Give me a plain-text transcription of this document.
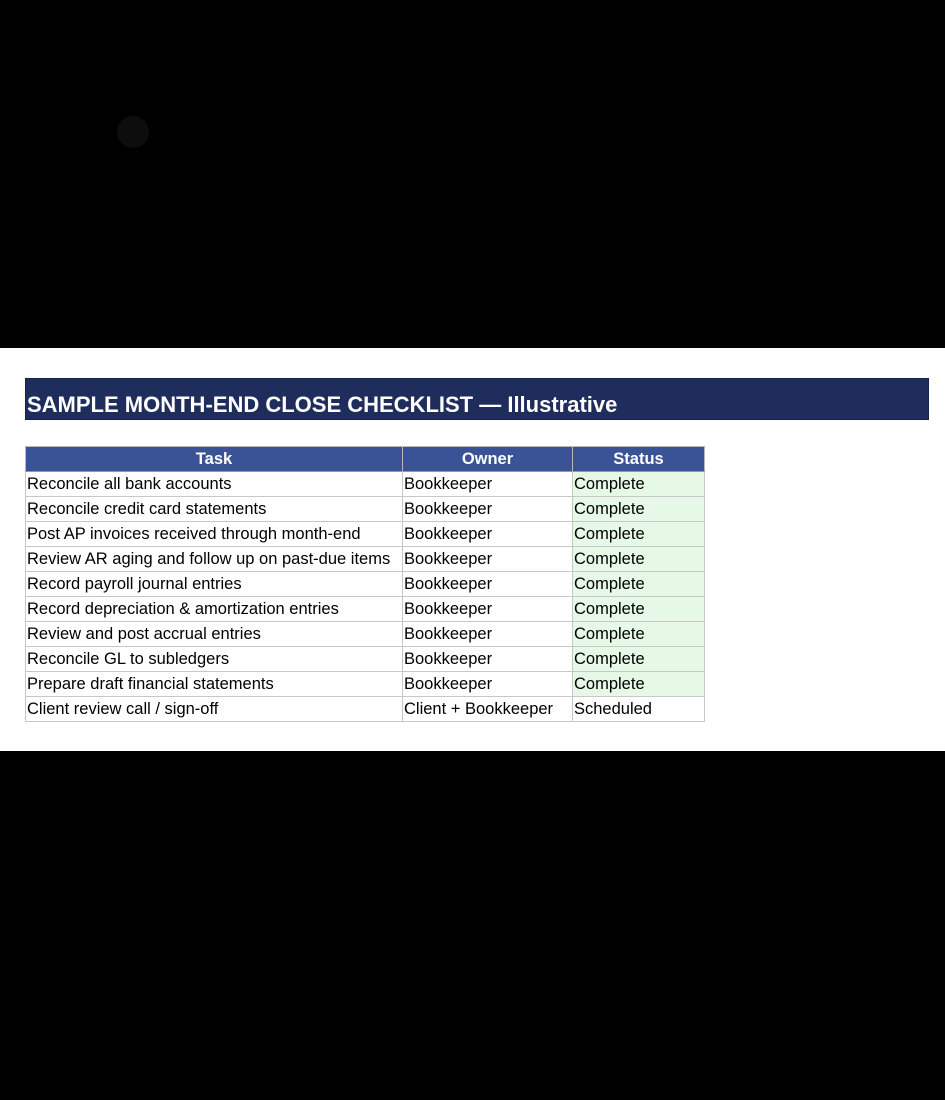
SAMPLE MONTH-END CLOSE CHECKLIST — Illustrative
Task	Owner	Status
Reconcile all bank accounts	Bookkeeper	Complete
Reconcile credit card statements	Bookkeeper	Complete
Post AP invoices received through month-end	Bookkeeper	Complete
Review AR aging and follow up on past-due items	Bookkeeper	Complete
Record payroll journal entries	Bookkeeper	Complete
Record depreciation & amortization entries	Bookkeeper	Complete
Review and post accrual entries	Bookkeeper	Complete
Reconcile GL to subledgers	Bookkeeper	Complete
Prepare draft financial statements	Bookkeeper	Complete
Client review call / sign-off	Client + Bookkeeper	Scheduled
